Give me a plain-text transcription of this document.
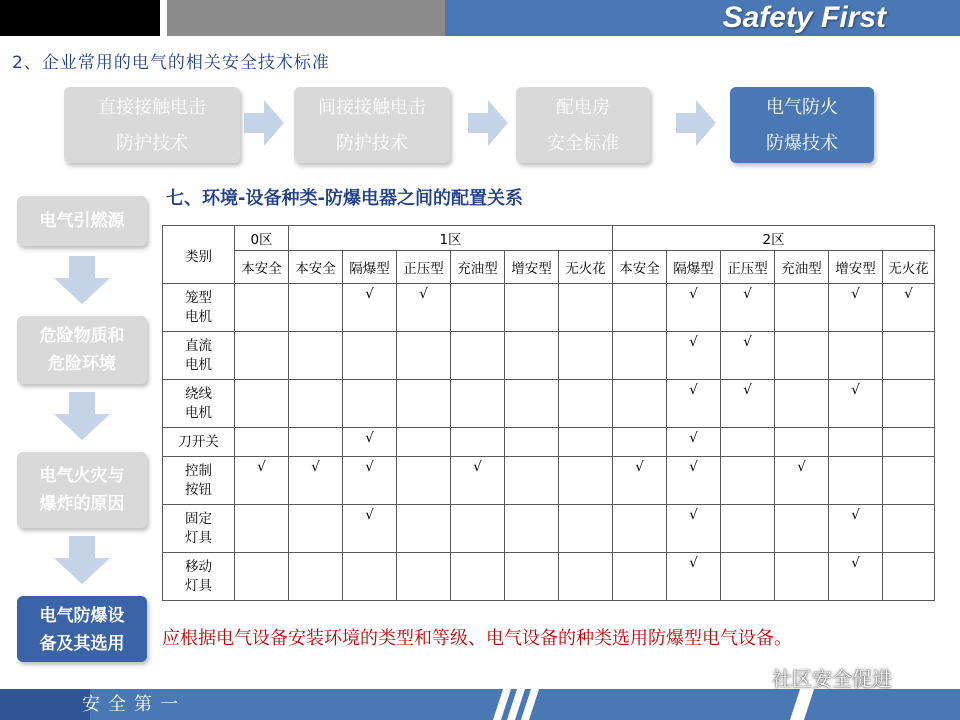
Safety First
2、企业常用的电气的相关安全技术标准
直接接触电击
防护技术
间接接触电击
防护技术
配电房
安全标准
电气防火
防爆技术
电气引燃源
危险物质和
危险环境
电气火灾与
爆炸的原因
电气防爆设
备及其选用
七、环境-设备种类-防爆电器之间的配置关系
类别	0区	1区						2区					
	本安全	本安全	隔爆型	正压型	充油型	增安型	无火花	本安全	隔爆型	正压型	充油型	增安型	无火花

笼型
电机			√	√					√	√		√	√

直流
电机									√	√			

绕线
电机									√	√		√	

刀开关			√						√				

控制
按钮	√	√	√		√			√	√		√		

固定
灯具			√						√			√	

移动
灯具									√			√	
应根据电气设备安装环境的类型和等级、电气设备的种类选用防爆型电气设备。
安全第一
社区安全促进
